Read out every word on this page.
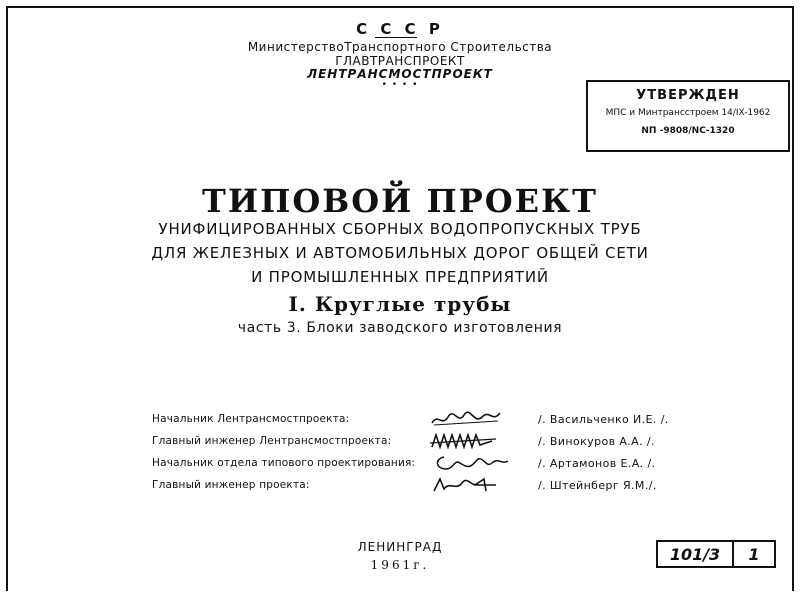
С С С Р
МинистерствоТранспортного Строительства
ГЛАВТРАНСПРОЕКТ
ЛЕНТРАНСМОСТПРОЕКТ
• • • •
УТВЕРЖДЕН
МПС и Минтрансстроем 14/IX-1962
NП -9808/NС-1320
ТИПОВОЙ ПРОЕКТ
УНИФИЦИРОВАННЫХ СБОРНЫХ ВОДОПРОПУСКНЫХ ТРУБ
ДЛЯ ЖЕЛЕЗНЫХ И АВТОМОБИЛЬНЫХ ДОРОГ ОБЩЕЙ СЕТИ
И ПРОМЫШЛЕННЫХ ПРЕДПРИЯТИЙ
I. Круглые трубы
часть 3. Блоки заводского изготовления
Начальник Лентрансмостпроекта:	/. Васильченко И.Е. /.
Главный инженер Лентрансмостпроекта:	/. Винокуров А.А. /.
Начальник отдела типового проектирования:	/. Артамонов Е.А. /.
Главный инженер проекта:	/. Штейнберг Я.М./.
ЛЕНИНГРАД
1961г.
101/3	1
